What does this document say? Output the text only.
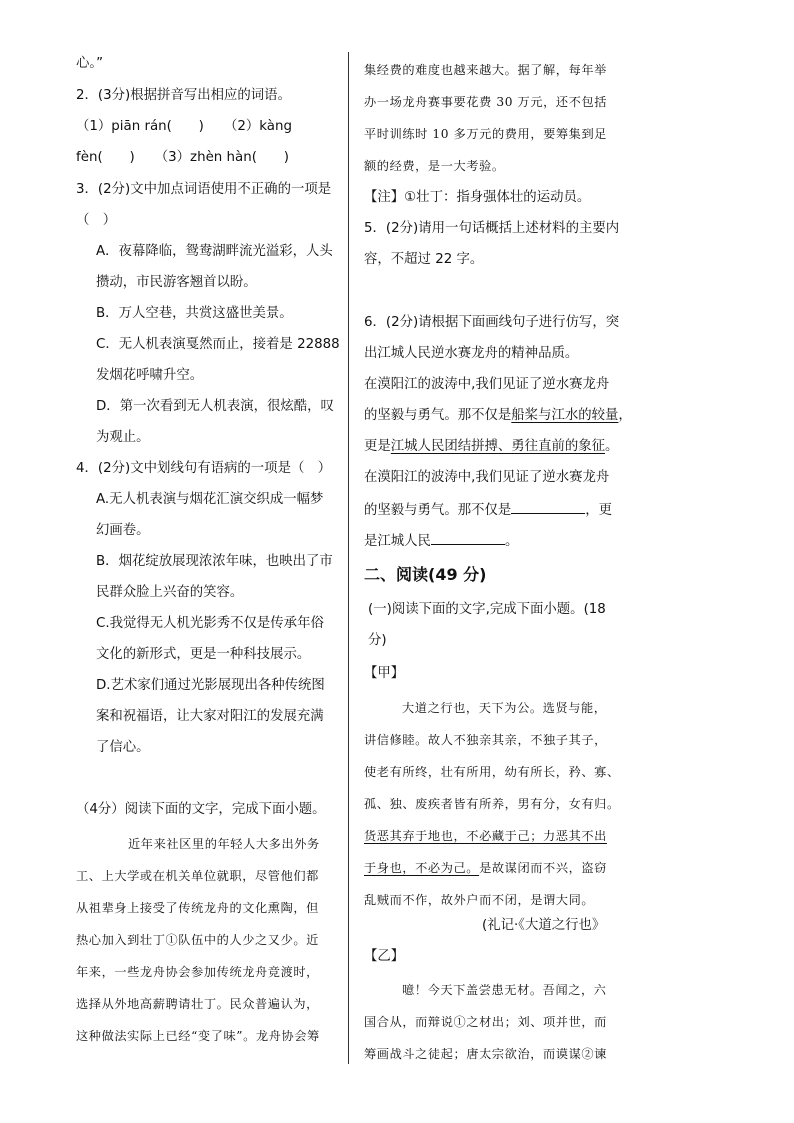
心。”
2．(3分)根据拼音写出相应的词语。
（1）piān rán(　　)　　（2）kàng
fèn(　　)　　（3）zhèn hàn(　　)
3．(2分)文中加点词语使用不正确的一项是
（　）
A．夜幕降临，鸳鸯湖畔流光溢彩，人头
攒动，市民游客翘首以盼。
B．万人空巷，共赏这盛世美景。
C．无人机表演戛然而止，接着是 22888
发烟花呼啸升空。
D．第一次看到无人机表演，很炫酷，叹
为观止。
4．(2分)文中划线句有语病的一项是（　）
A.无人机表演与烟花汇演交织成一幅梦
幻画卷。
B．烟花绽放展现浓浓年味，也映出了市
民群众脸上兴奋的笑容。
C.我觉得无人机光影秀不仅是传承年俗
文化的新形式，更是一种科技展示。
D.艺术家们通过光影展现出各种传统图
案和祝福语，让大家对阳江的发展充满
了信心。
（4分）阅读下面的文字，完成下面小题。
近年来社区里的年轻人大多出外务
工、上大学或在机关单位就职，尽管他们都
从祖辈身上接受了传统龙舟的文化熏陶，但
热心加入到壮丁①队伍中的人少之又少。近
年来，一些龙舟协会参加传统龙舟竞渡时，
选择从外地高薪聘请壮丁。民众普遍认为，
这种做法实际上已经“变了味”。龙舟协会筹
集经费的难度也越来越大。据了解，每年举
办一场龙舟赛事要花费 30 万元，还不包括
平时训练时 10 多万元的费用，要筹集到足
额的经费，是一大考验。
【注】①壮丁：指身强体壮的运动员。
5．(2分)请用一句话概括上述材料的主要内
容，不超过 22 字。
6．(2分)请根据下面画线句子进行仿写，突
出江城人民逆水赛龙舟的精神品质。
在漠阳江的波涛中,我们见证了逆水赛龙舟
的坚毅与勇气。那不仅是船桨与江水的较量，
更是江城人民团结拼搏、勇往直前的象征。
在漠阳江的波涛中,我们见证了逆水赛龙舟
的坚毅与勇气。那不仅是	，更
是江城人民	。
二、阅读(49 分)
(一)阅读下面的文字,完成下面小题。(18
分)
【甲】
大道之行也，天下为公。选贤与能，
讲信修睦。故人不独亲其亲，不独子其子，
使老有所终，壮有所用，幼有所长，矜、寡、
孤、独、废疾者皆有所养，男有分，女有归。
货恶其弃于地也，不必藏于己；力恶其不出
于身也，不必为己。是故谋闭而不兴，盗窃
乱贼而不作，故外户而不闭，是谓大同。
(礼记·《大道之行也》
【乙】
噫！今天下盖尝患无材。吾闻之，六
国合从，而辩说①之材出；刘、项并世，而
筹画战斗之徒起；唐太宗欲治，而谟谋②谏
